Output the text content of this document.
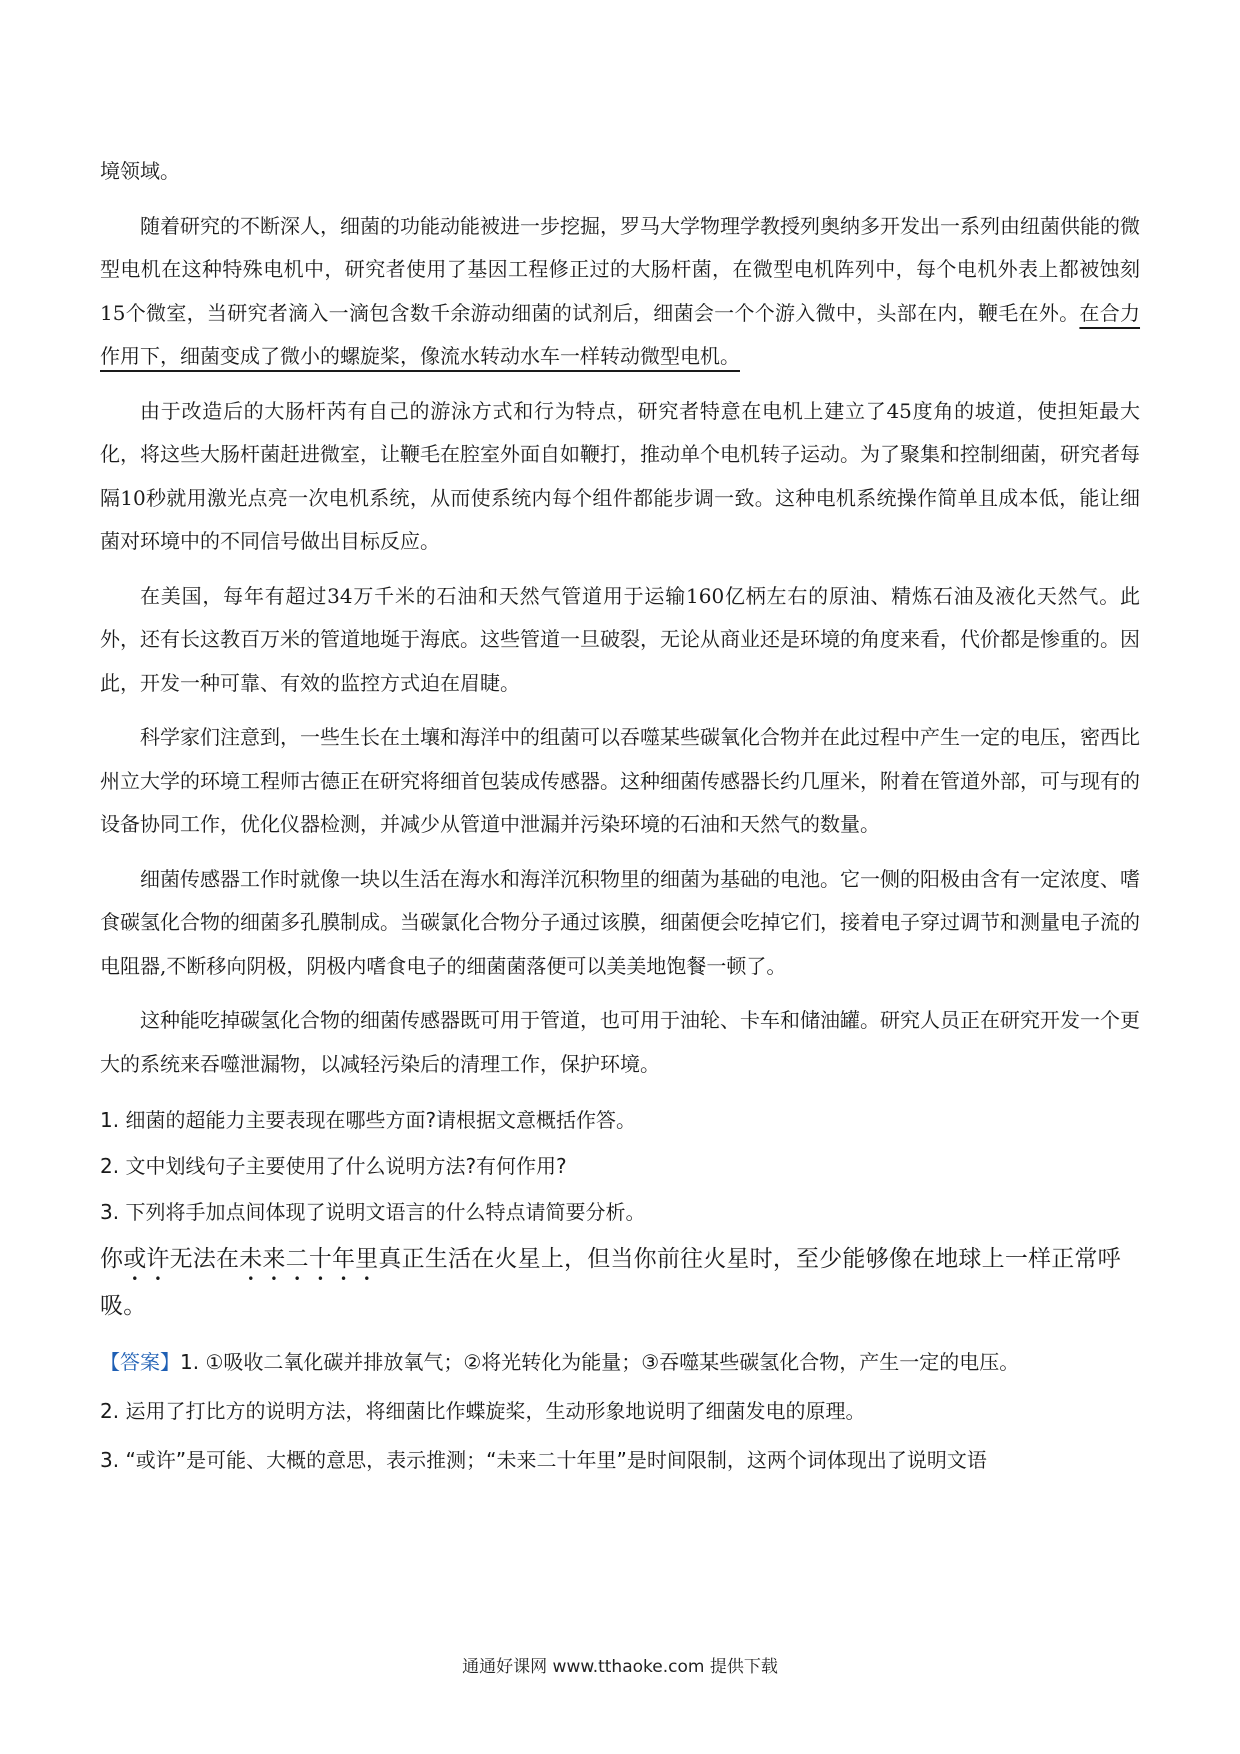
境领域。

随着研究的不断深人，细菌的功能动能被进一步挖掘，罗马大学物理学教授列奥纳多开发出一系列由纽菌供能的微型电机在这种特殊电机中，研究者使用了基因工程修正过的大肠杆菌，在微型电机阵列中，每个电机外表上都被蚀刻15个微室，当研究者滴入一滴包含数千余游动细菌的试剂后，细菌会一个个游入微中，头部在内，鞭毛在外。在合力作用下，细菌变成了微小的螺旋桨，像流水转动水车一样转动微型电机。

由于改造后的大肠杆芮有自己的游泳方式和行为特点，研究者特意在电机上建立了45度角的坡道，使担矩最大化，将这些大肠杆菌赶进微室，让鞭毛在腔室外面自如鞭打，推动单个电机转子运动。为了聚集和控制细菌，研究者每隔10秒就用激光点亮一次电机系统，从而使系统内每个组件都能步调一致。这种电机系统操作简单且成本低，能让细菌对环境中的不同信号做出目标反应。

在美国，每年有超过34万千米的石油和天然气管道用于运输160亿柄左右的原油、精炼石油及液化天然气。此外，还有长这教百万米的管道地埏于海底。这些管道一旦破裂，无论从商业还是环境的角度来看，代价都是惨重的。因此，开发一种可靠、有效的监控方式迫在眉睫。

科学家们注意到，一些生长在土壤和海洋中的组菌可以吞噬某些碳氧化合物并在此过程中产生一定的电压，密西比州立大学的环境工程师古德正在研究将细首包装成传感器。这种细菌传感器长约几厘米，附着在管道外部，可与现有的设备协同工作，优化仪器检测，并减少从管道中泄漏并污染环境的石油和天然气的数量。

细菌传感器工作时就像一块以生活在海水和海洋沉积物里的细菌为基础的电池。它一侧的阳极由含有一定浓度、嗜食碳氢化合物的细菌多孔膜制成。当碳氯化合物分子通过该膜，细菌便会吃掉它们，接着电子穿过调节和测量电子流的电阻器,不断移向阴极，阴极内嗜食电子的细菌菌落便可以美美地饱餐一顿了。

这种能吃掉碳氢化合物的细菌传感器既可用于管道，也可用于油轮、卡车和储油罐。研究人员正在研究开发一个更大的系统来吞噬泄漏物，以减轻污染后的清理工作，保护环境。

1. 细菌的超能力主要表现在哪些方面?请根据文意概括作答。

2. 文中划线句子主要使用了什么说明方法?有何作用?

3. 下列将手加点间体现了说明文语言的什么特点请简要分析。

你或许无法在未来二十年里真正生活在火星上，但当你前往火星时，至少能够像在地球上一样正常呼吸。

【答案】1. ①吸收二氧化碳并排放氧气；②将光转化为能量；③吞噬某些碳氢化合物，产生一定的电压。

2. 运用了打比方的说明方法，将细菌比作蝶旋桨，生动形象地说明了细菌发电的原理。

3. “或许”是可能、大概的意思，表示推测；“未来二十年里”是时间限制，这两个词体现出了说明文语

通通好课网 www.tthaoke.com 提供下载
